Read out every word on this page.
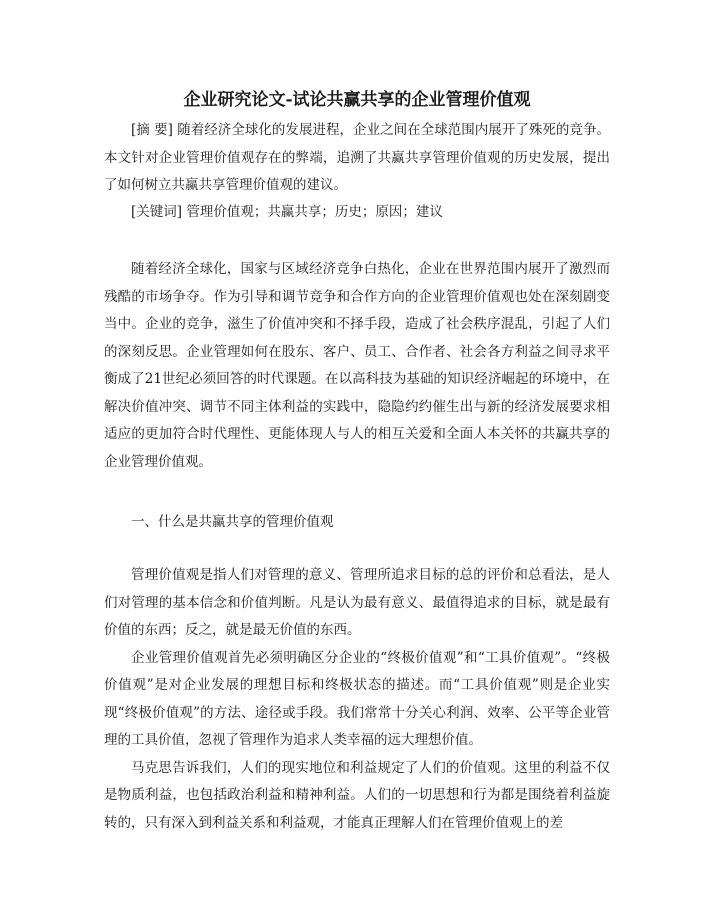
企业研究论文-试论共赢共享的企业管理价值观

[摘 要] 随着经济全球化的发展进程，企业之间在全球范围内展开了殊死的竞争。本文针对企业管理价值观存在的弊端，追溯了共赢共享管理价值观的历史发展，提出了如何树立共赢共享管理价值观的建议。

[关键词] 管理价值观；共赢共享；历史；原因；建议

随着经济全球化，国家与区域经济竞争白热化，企业在世界范围内展开了激烈而残酷的市场争夺。作为引导和调节竞争和合作方向的企业管理价值观也处在深刻剧变当中。企业的竞争，滋生了价值冲突和不择手段，造成了社会秩序混乱，引起了人们的深刻反思。企业管理如何在股东、客户、员工、合作者、社会各方利益之间寻求平衡成了21世纪必须回答的时代课题。在以高科技为基础的知识经济崛起的环境中，在解决价值冲突、调节不同主体利益的实践中，隐隐约约催生出与新的经济发展要求相适应的更加符合时代理性、更能体现人与人的相互关爱和全面人本关怀的共赢共享的企业管理价值观。

一、什么是共赢共享的管理价值观

管理价值观是指人们对管理的意义、管理所追求目标的总的评价和总看法，是人们对管理的基本信念和价值判断。凡是认为最有意义、最值得追求的目标，就是最有价值的东西；反之，就是最无价值的东西。

企业管理价值观首先必须明确区分企业的“终极价值观”和“工具价值观”。“终极价值观”是对企业发展的理想目标和终极状态的描述。而“工具价值观”则是企业实现“终极价值观”的方法、途径或手段。我们常常十分关心利润、效率、公平等企业管理的工具价值，忽视了管理作为追求人类幸福的远大理想价值。

马克思告诉我们，人们的现实地位和利益规定了人们的价值观。这里的利益不仅是物质利益，也包括政治利益和精神利益。人们的一切思想和行为都是围绕着利益旋转的，只有深入到利益关系和利益观，才能真正理解人们在管理价值观上的差
